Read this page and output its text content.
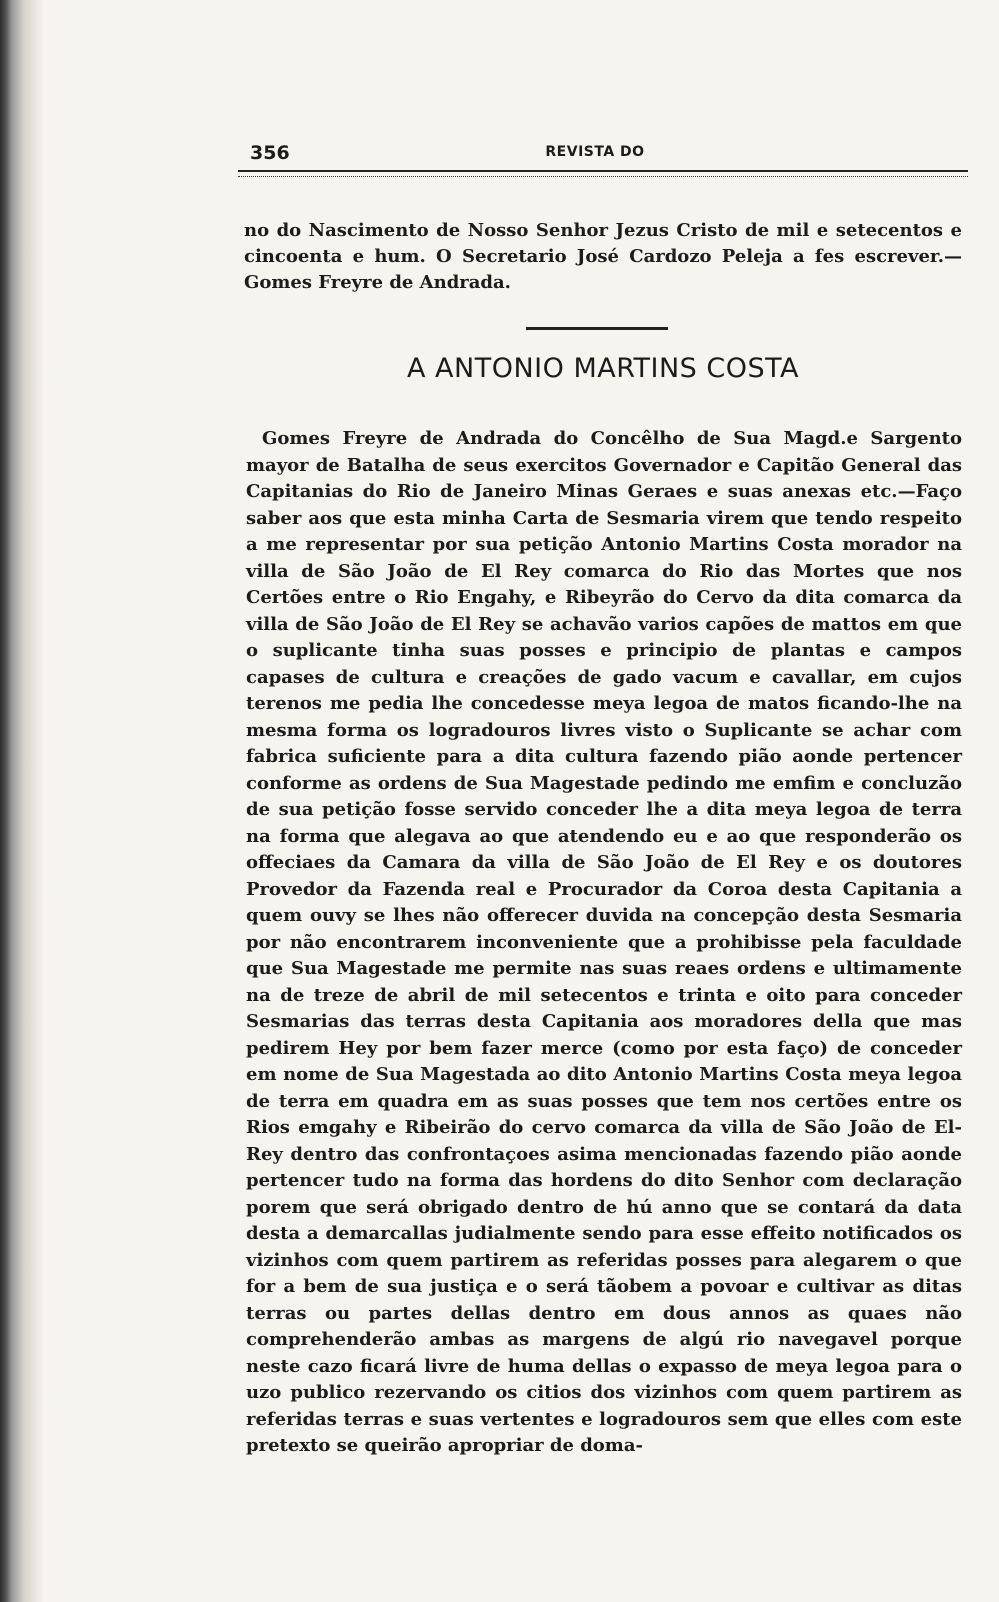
356	REVISTA DO

no do Nascimento de Nosso Senhor Jezus Cristo de mil e setecentos e cincoenta e hum. O Secretario José Cardozo Peleja a fes escrever.—Gomes Freyre de Andrada.

A ANTONIO MARTINS COSTA

Gomes Freyre de Andrada do Concêlho de Sua Magd.e Sargento mayor de Batalha de seus exercitos Governador e Capitão General das Capitanias do Rio de Janeiro Minas Geraes e suas anexas etc.—Faço saber aos que esta minha Carta de Sesmaria virem que tendo respeito a me representar por sua petição Antonio Martins Costa morador na villa de São João de El Rey comarca do Rio das Mortes que nos Certões entre o Rio Engahy, e Ribeyrão do Cervo da dita comarca da villa de São João de El Rey se achavão varios capões de mattos em que o suplicante tinha suas posses e principio de plantas e campos capases de cultura e creações de gado vacum e cavallar, em cujos terenos me pedia lhe concedesse meya legoa de matos ficando-lhe na mesma forma os logradouros livres visto o Suplicante se achar com fabrica suficiente para a dita cultura fazendo pião aonde pertencer conforme as ordens de Sua Magestade pedindo me emfim e concluzão de sua petição fosse servido conceder lhe a dita meya legoa de terra na forma que alegava ao que atendendo eu e ao que responderão os offeciaes da Camara da villa de São João de El Rey e os doutores Provedor da Fazenda real e Procurador da Coroa desta Capitania a quem ouvy se lhes não offerecer duvida na concepção desta Sesmaria por não encontrarem inconveniente que a prohibisse pela faculdade que Sua Magestade me permite nas suas reaes ordens e ultimamente na de treze de abril de mil setecentos e trinta e oito para conceder Sesmarias das terras desta Capitania aos moradores della que mas pedirem Hey por bem fazer merce (como por esta faço) de conceder em nome de Sua Magestada ao dito Antonio Martins Costa meya legoa de terra em quadra em as suas posses que tem nos certões entre os Rios emgahy e Ribeirão do cervo comarca da villa de São João de El-Rey dentro das confrontaçoes asima mencionadas fazendo pião aonde pertencer tudo na forma das hordens do dito Senhor com declaração porem que será obrigado dentro de hú anno que se contará da data desta a demarcallas judialmente sendo para esse effeito notificados os vizinhos com quem partirem as referidas posses para alegarem o que for a bem de sua justiça e o será tãobem a povoar e cultivar as ditas terras ou partes dellas dentro em dous annos as quaes não comprehenderão ambas as margens de algú rio navegavel porque neste cazo ficará livre de huma dellas o expasso de meya legoa para o uzo publico rezervando os citios dos vizinhos com quem partirem as referidas terras e suas vertentes e logradouros sem que elles com este pretexto se queirão apropriar de doma-
